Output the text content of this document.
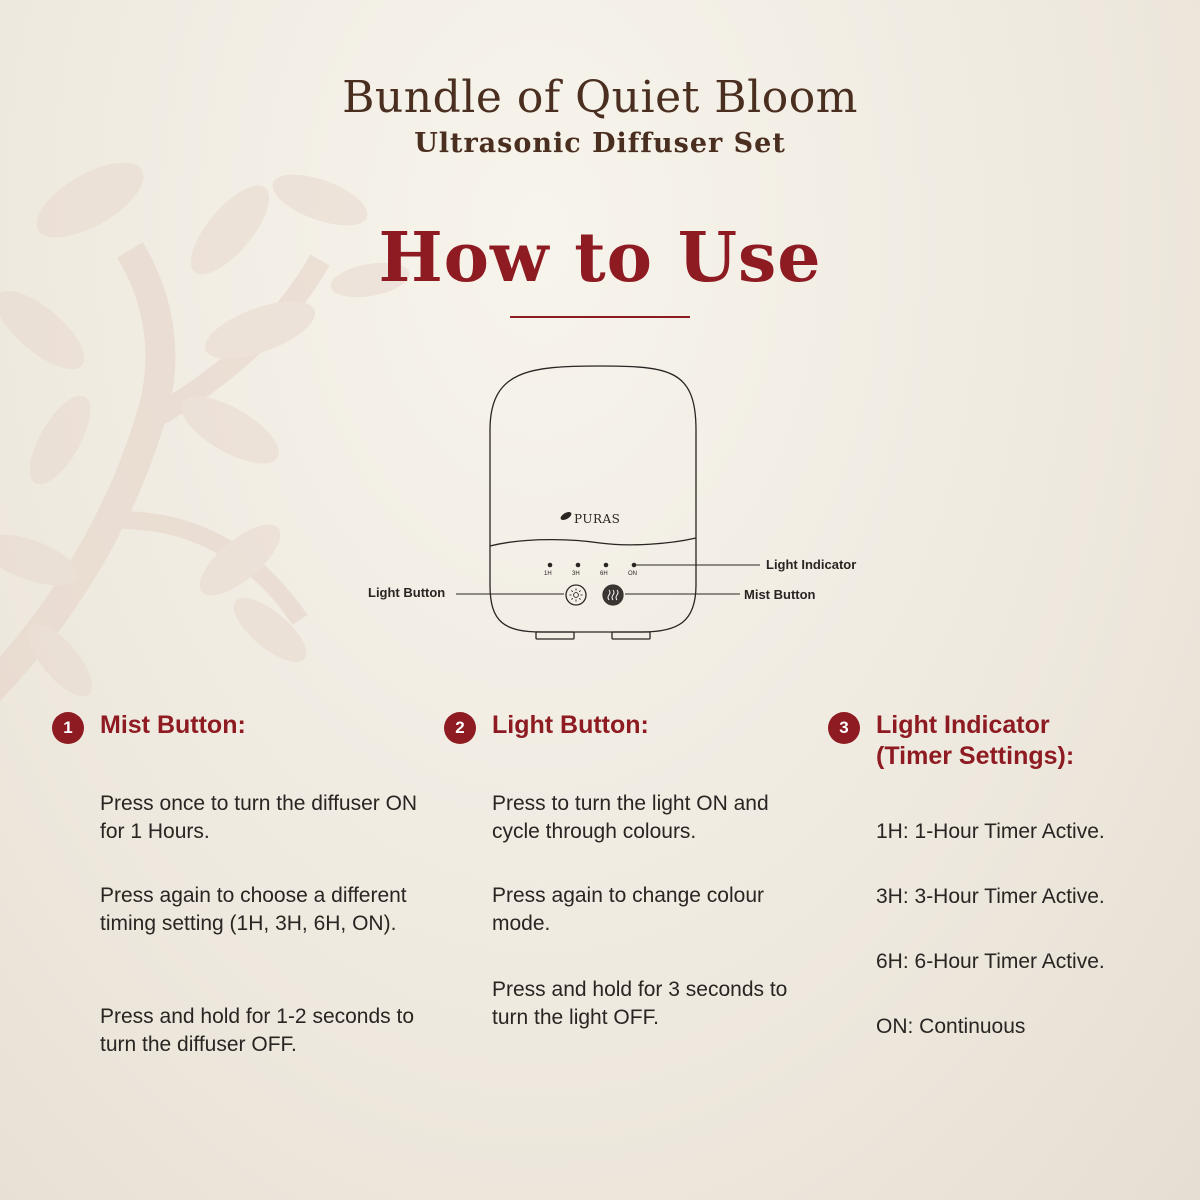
Bundle of Quiet Bloom
Ultrasonic Diffuser Set
How to Use
PURAS
1H	3H	6H	ON
Light Indicator
Light Button	Mist Button
1	Mist Button:
Press once to turn the diffuser ON for 1 Hours.
Press again to choose a different timing setting (1H, 3H, 6H, ON).
Press and hold for 1-2 seconds to turn the diffuser OFF.
2	Light Button:
Press to turn the light ON and cycle through colours.
Press again to change colour mode.
Press and hold for 3 seconds to turn the light OFF.
3	Light Indicator (Timer Settings):
1H: 1-Hour Timer Active.
3H: 3-Hour Timer Active.
6H: 6-Hour Timer Active.
ON: Continuous
